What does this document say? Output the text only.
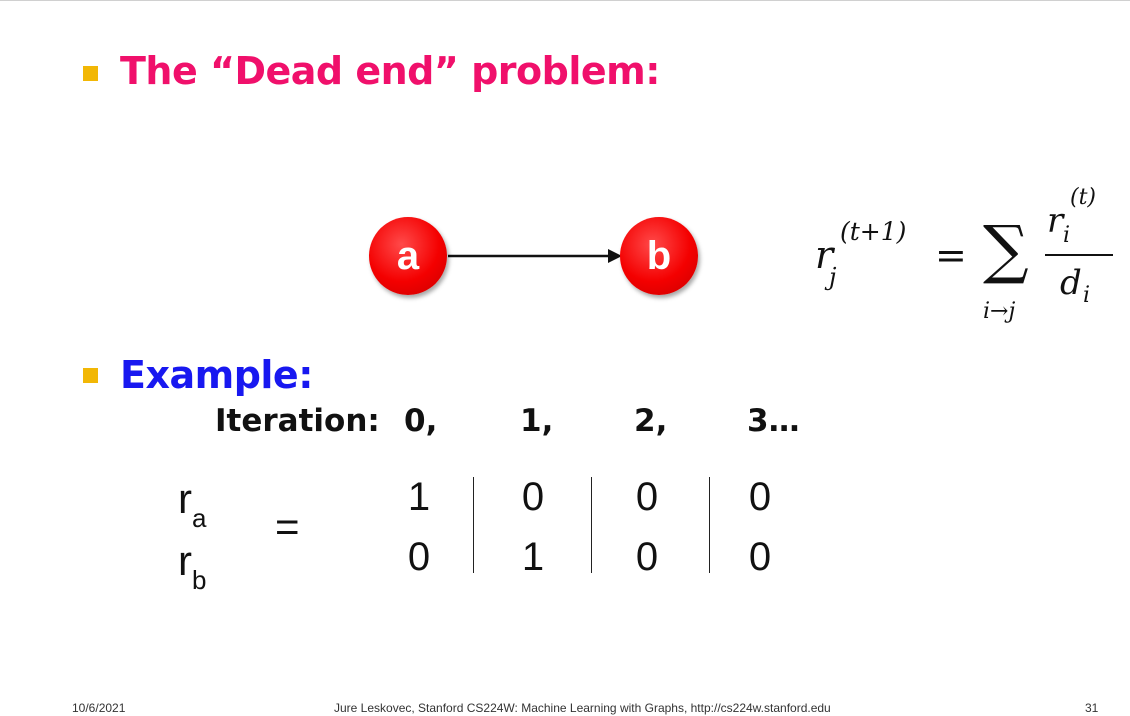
The “Dead end” problem:
a	b	r
j
(t+1)
= ∑
i→j
r i
(t)
d i
Example:
Iteration: 0,	1,	2,	3…
$r_a$
$r_b$
=
1 0 0 0
0 1 0 0
10/6/2021	Jure Leskovec, Stanford CS224W: Machine Learning with Graphs, http://cs224w.stanford.edu	31
